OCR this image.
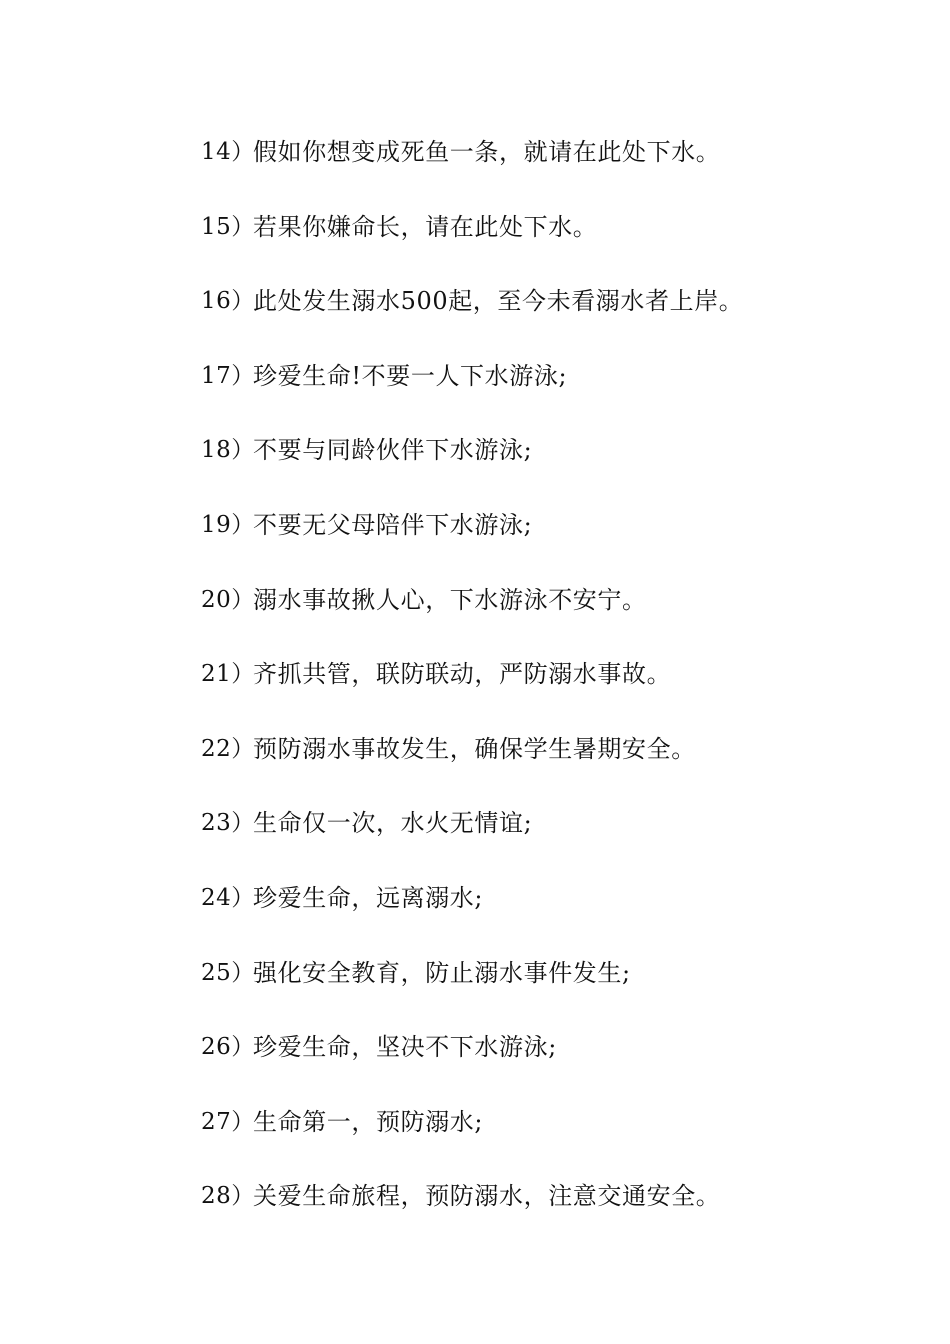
14）
假如你想变成死鱼一条，就请在此处下水。
15）
若果你嫌命长，请在此处下水。
16）
此处发生溺水500起，至今未看溺水者上岸。
17）
珍爱生命!不要一人下水游泳;
18）
不要与同龄伙伴下水游泳;
19）
不要无父母陪伴下水游泳;
20）
溺水事故揪人心，下水游泳不安宁。
21）
齐抓共管，联防联动，严防溺水事故。
22）
预防溺水事故发生，确保学生暑期安全。
23）
生命仅一次，水火无情谊;
24）
珍爱生命，远离溺水;
25）
强化安全教育，防止溺水事件发生;
26）
珍爱生命，坚决不下水游泳;
27）
生命第一，预防溺水;
28）
关爱生命旅程，预防溺水，注意交通安全。
